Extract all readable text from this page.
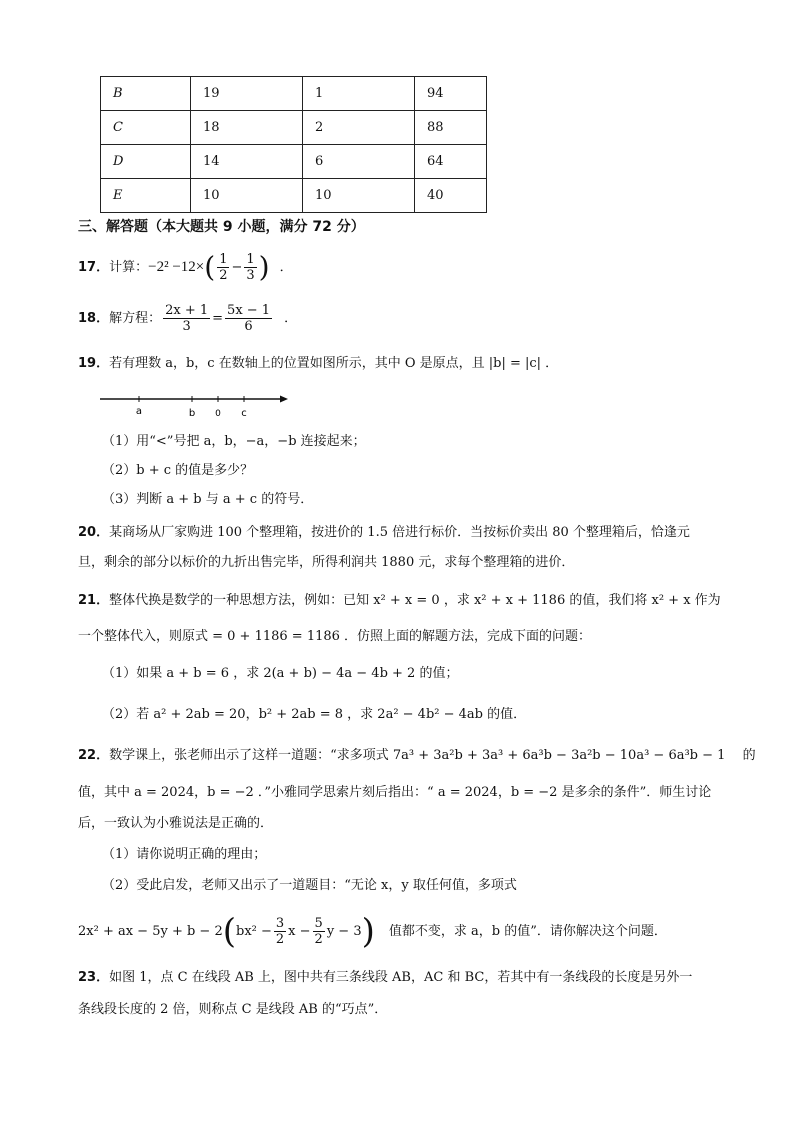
B	19	1	94
C	18	2	88
D	14	6	64
E	10	10	40
三、解答题（本大题共 9 小题，满分 72 分）
17．计算：$-2^2 -12\times( \frac{1}{2} - \frac{1}{3}$ ) ．
18．解方程： $\frac{2x + 1}{3} = \frac{5x - 1}{6}$ ．
19．若有理数 a，b，c 在数轴上的位置如图所示，其中 O 是原点，且 |b| = |c| ．
a	b 0 c
（1）用“<”号把 a，b，−a，−b 连接起来；
（2）b + c 的值是多少？
（3）判断 a + b 与 a + c 的符号．
20．某商场从厂家购进 100 个整理箱，按进价的 1.5 倍进行标价．当按标价卖出 80 个整理箱后，恰逢元
旦，剩余的部分以标价的九折出售完毕，所得利润共 1880 元，求每个整理箱的进价．
21．整体代换是数学的一种思想方法，例如：已知 x² + x = 0 ，求 x² + x + 1186 的值，我们将 x² + x 作为
一个整体代入，则原式 = 0 + 1186 = 1186 ．仿照上面的解题方法，完成下面的问题：
（1）如果 a + b = 6 ，求 2(a + b) − 4a − 4b + 2 的值；
（2）若 a² + 2ab = 20，b² + 2ab = 8 ，求 2a² − 4b² − 4ab 的值．
22．数学课上，张老师出示了这样一道题：“求多项式 7a³ + 3a²b + 3a³ + 6a³b − 3a²b − 10a³ − 6a³b − 1 　的
值，其中 a = 2024，b = −2 ．”小雅同学思索片刻后指出：“ a = 2024，b = −2 是多余的条件”．师生讨论
后，一致认为小雅说法是正确的．
（1）请你说明正确的理由；
（2）受此启发，老师又出示了一道题目：“无论 x，y 取任何值，多项式
2x² + ax − $5y + b - 2(bx^2 - \frac{3}{2}$ $x - \frac{5}{2}$ y − 3) 值都不变，求 a，b 的值”．请你解决这个问题．
23．如图 1，点 C 在线段 AB 上，图中共有三条线段 AB，AC 和 BC，若其中有一条线段的长度是另外一
条线段长度的 2 倍，则称点 C 是线段 AB 的“巧点”．
